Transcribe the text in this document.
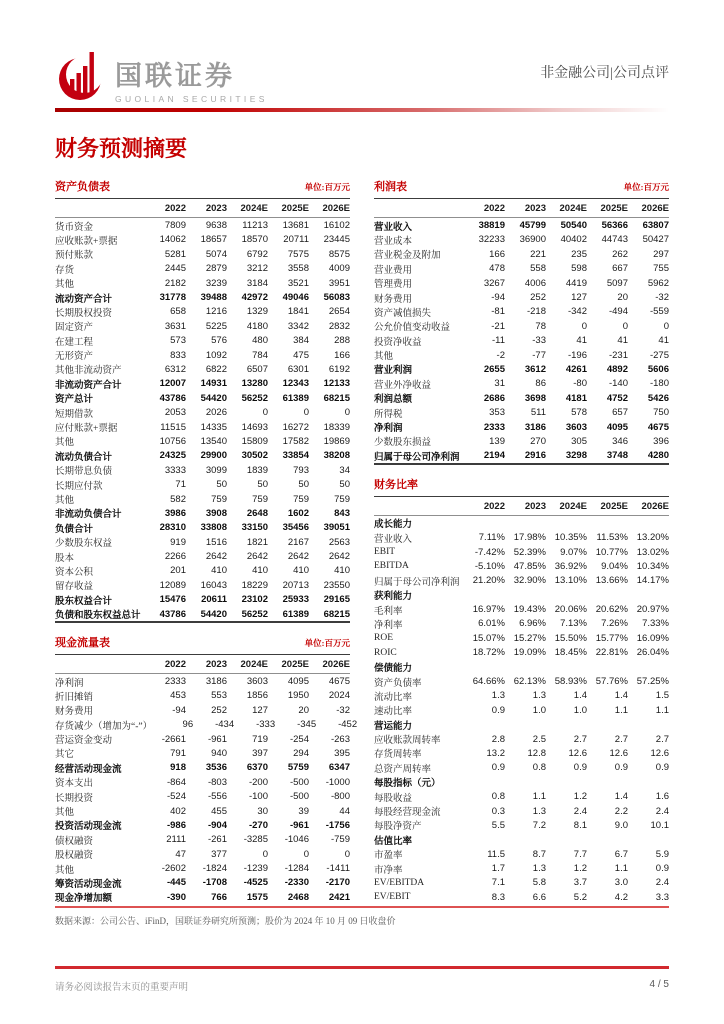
国联证券
GUOLIAN SECURITIES
非金融公司|公司点评
财务预测摘要
资产负债表	单位:百万元
2022	2023	2024E	2025E	2026E
货币资金	7809	9638	11213	13681	16102
应收账款+票据	14062	18657	18570	20711	23445
预付账款	5281	5074	6792	7575	8575
存货	2445	2879	3212	3558	4009
其他	2182	3239	3184	3521	3951
流动资产合计	31778	39488	42972	49046	56083
长期股权投资	658	1216	1329	1841	2654
固定资产	3631	5225	4180	3342	2832
在建工程	573	576	480	384	288
无形资产	833	1092	784	475	166
其他非流动资产	6312	6822	6507	6301	6192
非流动资产合计	12007	14931	13280	12343	12133
资产总计	43786	54420	56252	61389	68215
短期借款	2053	2026	0	0	0
应付账款+票据	11515	14335	14693	16272	18339
其他	10756	13540	15809	17582	19869
流动负债合计	24325	29900	30502	33854	38208
长期带息负债	3333	3099	1839	793	34
长期应付款	71	50	50	50	50
其他	582	759	759	759	759
非流动负债合计	3986	3908	2648	1602	843
负债合计	28310	33808	33150	35456	39051
少数股东权益	919	1516	1821	2167	2563
股本	2266	2642	2642	2642	2642
资本公积	201	410	410	410	410
留存收益	12089	16043	18229	20713	23550
股东权益合计	15476	20611	23102	25933	29165
负债和股东权益总计	43786	54420	56252	61389	68215
现金流量表	单位:百万元
2022	2023	2024E	2025E	2026E
净利润	2333	3186	3603	4095	4675
折旧摊销	453	553	1856	1950	2024
财务费用	-94	252	127	20	-32
存货减少（增加为“-”）	96	-434	-333	-345	-452
营运资金变动	-2661	-961	719	-254	-263
其它	791	940	397	294	395
经营活动现金流	918	3536	6370	5759	6347
资本支出	-864	-803	-200	-500	-1000
长期投资	-524	-556	-100	-500	-800
其他	402	455	30	39	44
投资活动现金流	-986	-904	-270	-961	-1756
债权融资	2111	-261	-3285	-1046	-759
股权融资	47	377	0	0	0
其他	-2602	-1824	-1239	-1284	-1411
筹资活动现金流	-445	-1708	-4525	-2330	-2170
现金净增加额	-390	766	1575	2468	2421
利润表	单位:百万元
2022	2023	2024E	2025E	2026E
营业收入	38819	45799	50540	56366	63807
营业成本	32233	36900	40402	44743	50427
营业税金及附加	166	221	235	262	297
营业费用	478	558	598	667	755
管理费用	3267	4006	4419	5097	5962
财务费用	-94	252	127	20	-32
资产减值损失	-81	-218	-342	-494	-559
公允价值变动收益	-21	78	0	0	0
投资净收益	-11	-33	41	41	41
其他	-2	-77	-196	-231	-275
营业利润	2655	3612	4261	4892	5606
营业外净收益	31	86	-80	-140	-180
利润总额	2686	3698	4181	4752	5426
所得税	353	511	578	657	750
净利润	2333	3186	3603	4095	4675
少数股东损益	139	270	305	346	396
归属于母公司净利润	2194	2916	3298	3748	4280
财务比率
2022	2023	2024E	2025E	2026E
成长能力
营业收入	7.11% 17.98% 10.35% 11.53% 13.20%
EBIT	-7.42% 52.39%	9.07% 10.77% 13.02%
EBITDA	-5.10% 47.85% 36.92%	9.04% 10.34%
归属于母公司净利润	21.20% 32.90% 13.10% 13.66% 14.17%
获利能力
毛利率	16.97% 19.43% 20.06% 20.62% 20.97%
净利率	6.01%	6.96%	7.13%	7.26%	7.33%
ROE	15.07% 15.27% 15.50% 15.77% 16.09%
ROIC	18.72% 19.09% 18.45% 22.81% 26.04%
偿债能力
资产负债率	64.66% 62.13% 58.93% 57.76% 57.25%
流动比率	1.3	1.3	1.4	1.4	1.5
速动比率	0.9	1.0	1.0	1.1	1.1
营运能力
应收账款周转率	2.8	2.5	2.7	2.7	2.7
存货周转率	13.2	12.8	12.6	12.6	12.6
总资产周转率	0.9	0.8	0.9	0.9	0.9
每股指标（元）
每股收益	0.8	1.1	1.2	1.4	1.6
每股经营现金流	0.3	1.3	2.4	2.2	2.4
每股净资产	5.5	7.2	8.1	9.0	10.1
估值比率
市盈率	11.5	8.7	7.7	6.7	5.9
市净率	1.7	1.3	1.2	1.1	0.9
EV/EBITDA	7.1	5.8	3.7	3.0	2.4
EV/EBIT	8.3	6.6	5.2	4.2	3.3
数据来源：公司公告、iFinD，国联证券研究所预测；股价为 2024 年 10 月 09 日收盘价
请务必阅读报告末页的重要声明	4 / 5
